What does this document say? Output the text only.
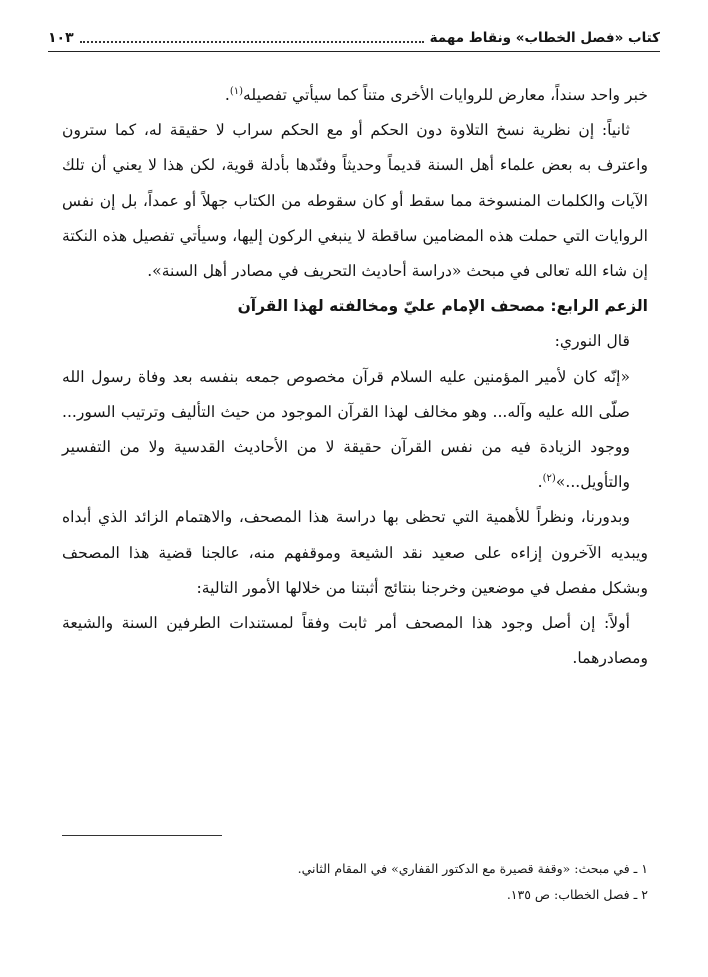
كتاب «فصل الخطاب» ونقاط مهمة
١٠٣

خبر واحد سنداً، معارض للروايات الأخرى متناً كما سيأتي تفصيله$^{(١)}$.

ثانياً: إن نظرية نسخ التلاوة دون الحكم أو مع الحكم سراب لا حقيقة له، كما سترون واعترف به بعض علماء أهل السنة قديماً وحديثاً وفنّدها بأدلة قوية، لكن هذا لا يعني أن تلك الآيات والكلمات المنسوخة مما سقط أو كان سقوطه من الكتاب جهلاً أو عمداً، بل إن نفس الروايات التي حملت هذه المضامين ساقطة لا ينبغي الركون إليها، وسيأتي تفصيل هذه النكتة إن شاء الله تعالى في مبحث «دراسة أحاديث التحريف في مصادر أهل السنة».

الزعم الرابع: مصحف الإمام عليّ ومخالفته لهذا القرآن

قال النوري:

«إنّه كان لأمير المؤمنين عليه السلام قرآن مخصوص جمعه بنفسه بعد وفاة رسول الله صلّى الله عليه وآله... وهو مخالف لهذا القرآن الموجود من حيث التأليف وترتيب السور... ووجود الزيادة فيه من نفس القرآن حقيقة لا من الأحاديث القدسية ولا من التفسير والتأويل...»$^{(٢)}$.

وبدورنا، ونظراً للأهمية التي تحظى بها دراسة هذا المصحف، والاهتمام الزائد الذي أبداه ويبديه الآخرون إزاءه على صعيد نقد الشيعة وموقفهم منه، عالجنا قضية هذا المصحف وبشكل مفصل في موضعين وخرجنا بنتائج أثبتنا من خلالها الأمور التالية:

أولاً: إن أصل وجود هذا المصحف أمر ثابت وفقاً لمستندات الطرفين السنة والشيعة ومصادرهما.

١ ـ في مبحث: «وقفة قصيرة مع الدكتور القفاري» في المقام الثاني.

٢ ـ فصل الخطاب: ص ١٣٥.
